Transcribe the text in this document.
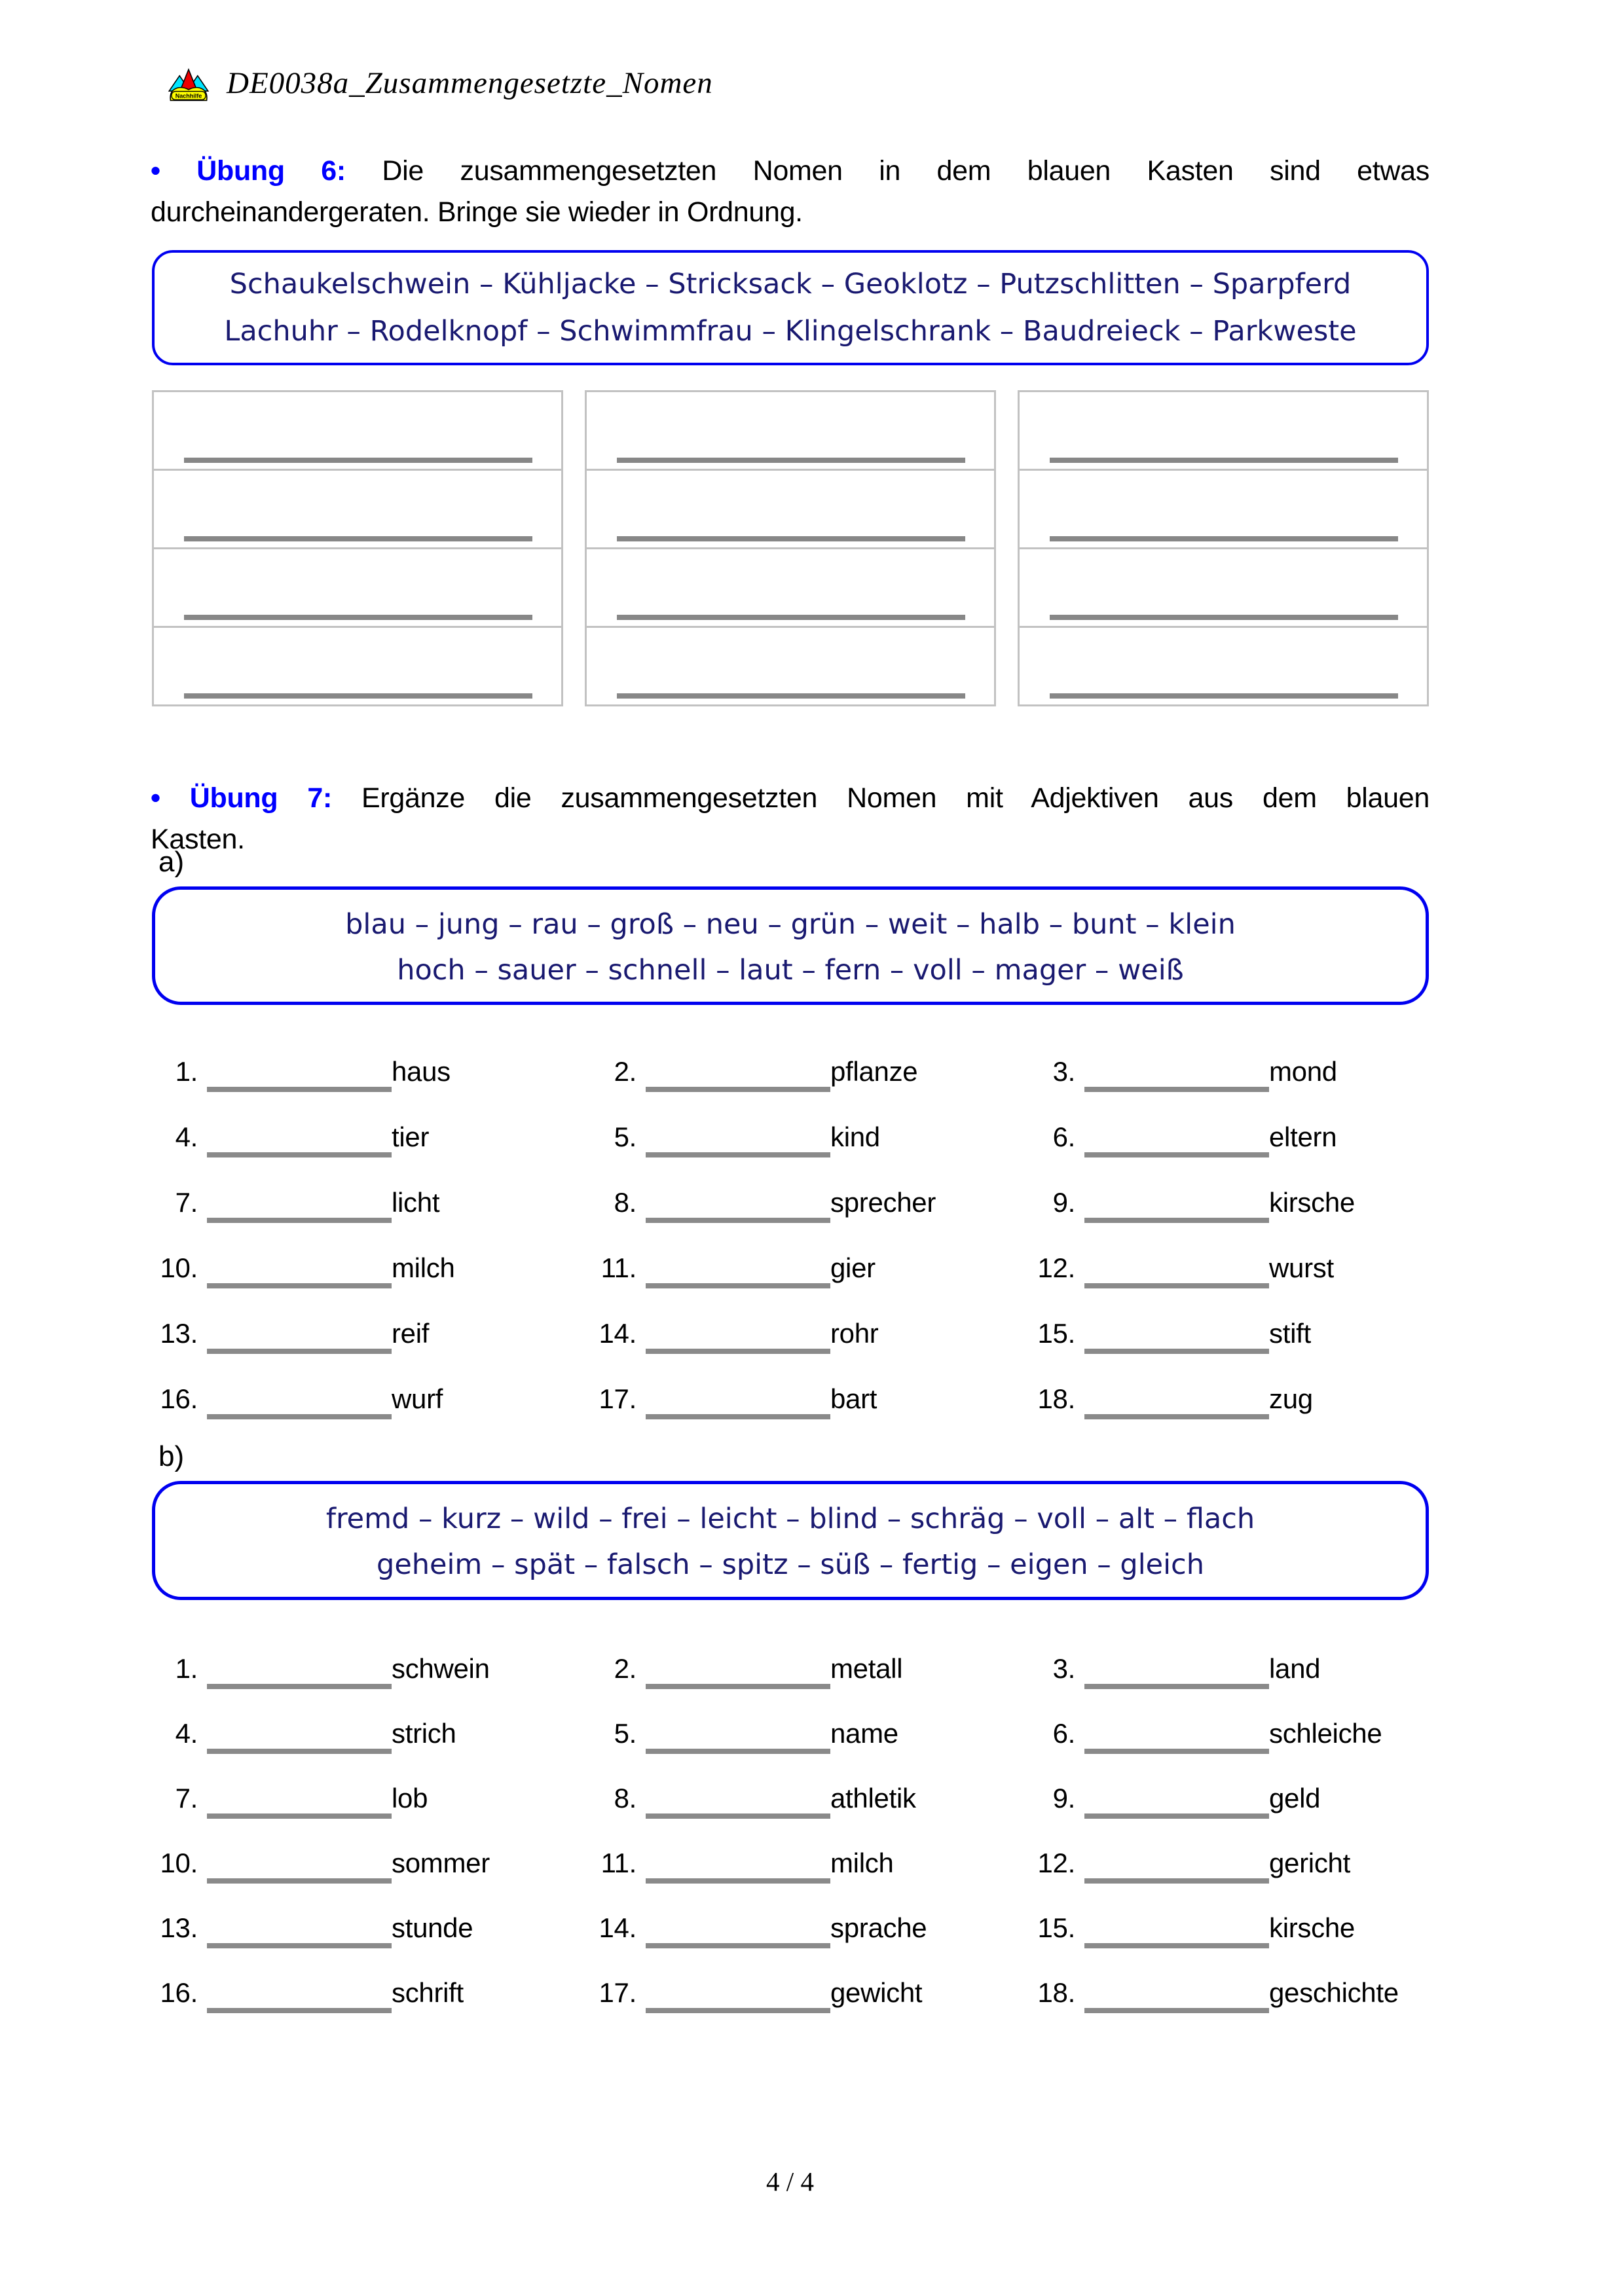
Nachhilfe DE0038a_Zusammengesetzte_Nomen
• Übung 6: Die zusammengesetzten Nomen in dem blauen Kasten sind etwas
durcheinandergeraten. Bringe sie wieder in Ordnung.
Schaukelschwein – Kühljacke – Stricksack – Geoklotz – Putzschlitten – Sparpferd
Lachuhr – Rodelknopf – Schwimmfrau – Klingelschrank – Baudreieck – Parkweste
• Übung 7: Ergänze die zusammengesetzten Nomen mit Adjektiven aus dem blauen
Kasten.
a)
blau – jung – rau – groß – neu – grün – weit – halb – bunt – klein
hoch – sauer – schnell – laut – fern – voll – mager – weiß
1.	haus	2.	pflanze	3.	mond
4.	tier	5.	kind	6.	eltern
7.	licht	8.	sprecher	9.	kirsche
10.	milch	11.	gier	12.	wurst
13.	reif	14.	rohr	15.	stift
16.	wurf	17.	bart	18.	zug
b)
fremd – kurz – wild – frei – leicht – blind – schräg – voll – alt – flach
geheim – spät – falsch – spitz – süß – fertig – eigen – gleich
1.	schwein	2.	metall	3.	land
4.	strich	5.	name	6.	schleiche
7.	lob	8.	athletik	9.	geld
10.	sommer	11.	milch	12.	gericht
13.	stunde	14.	sprache	15.	kirsche
16.	schrift	17.	gewicht	18.	geschichte
4 / 4
